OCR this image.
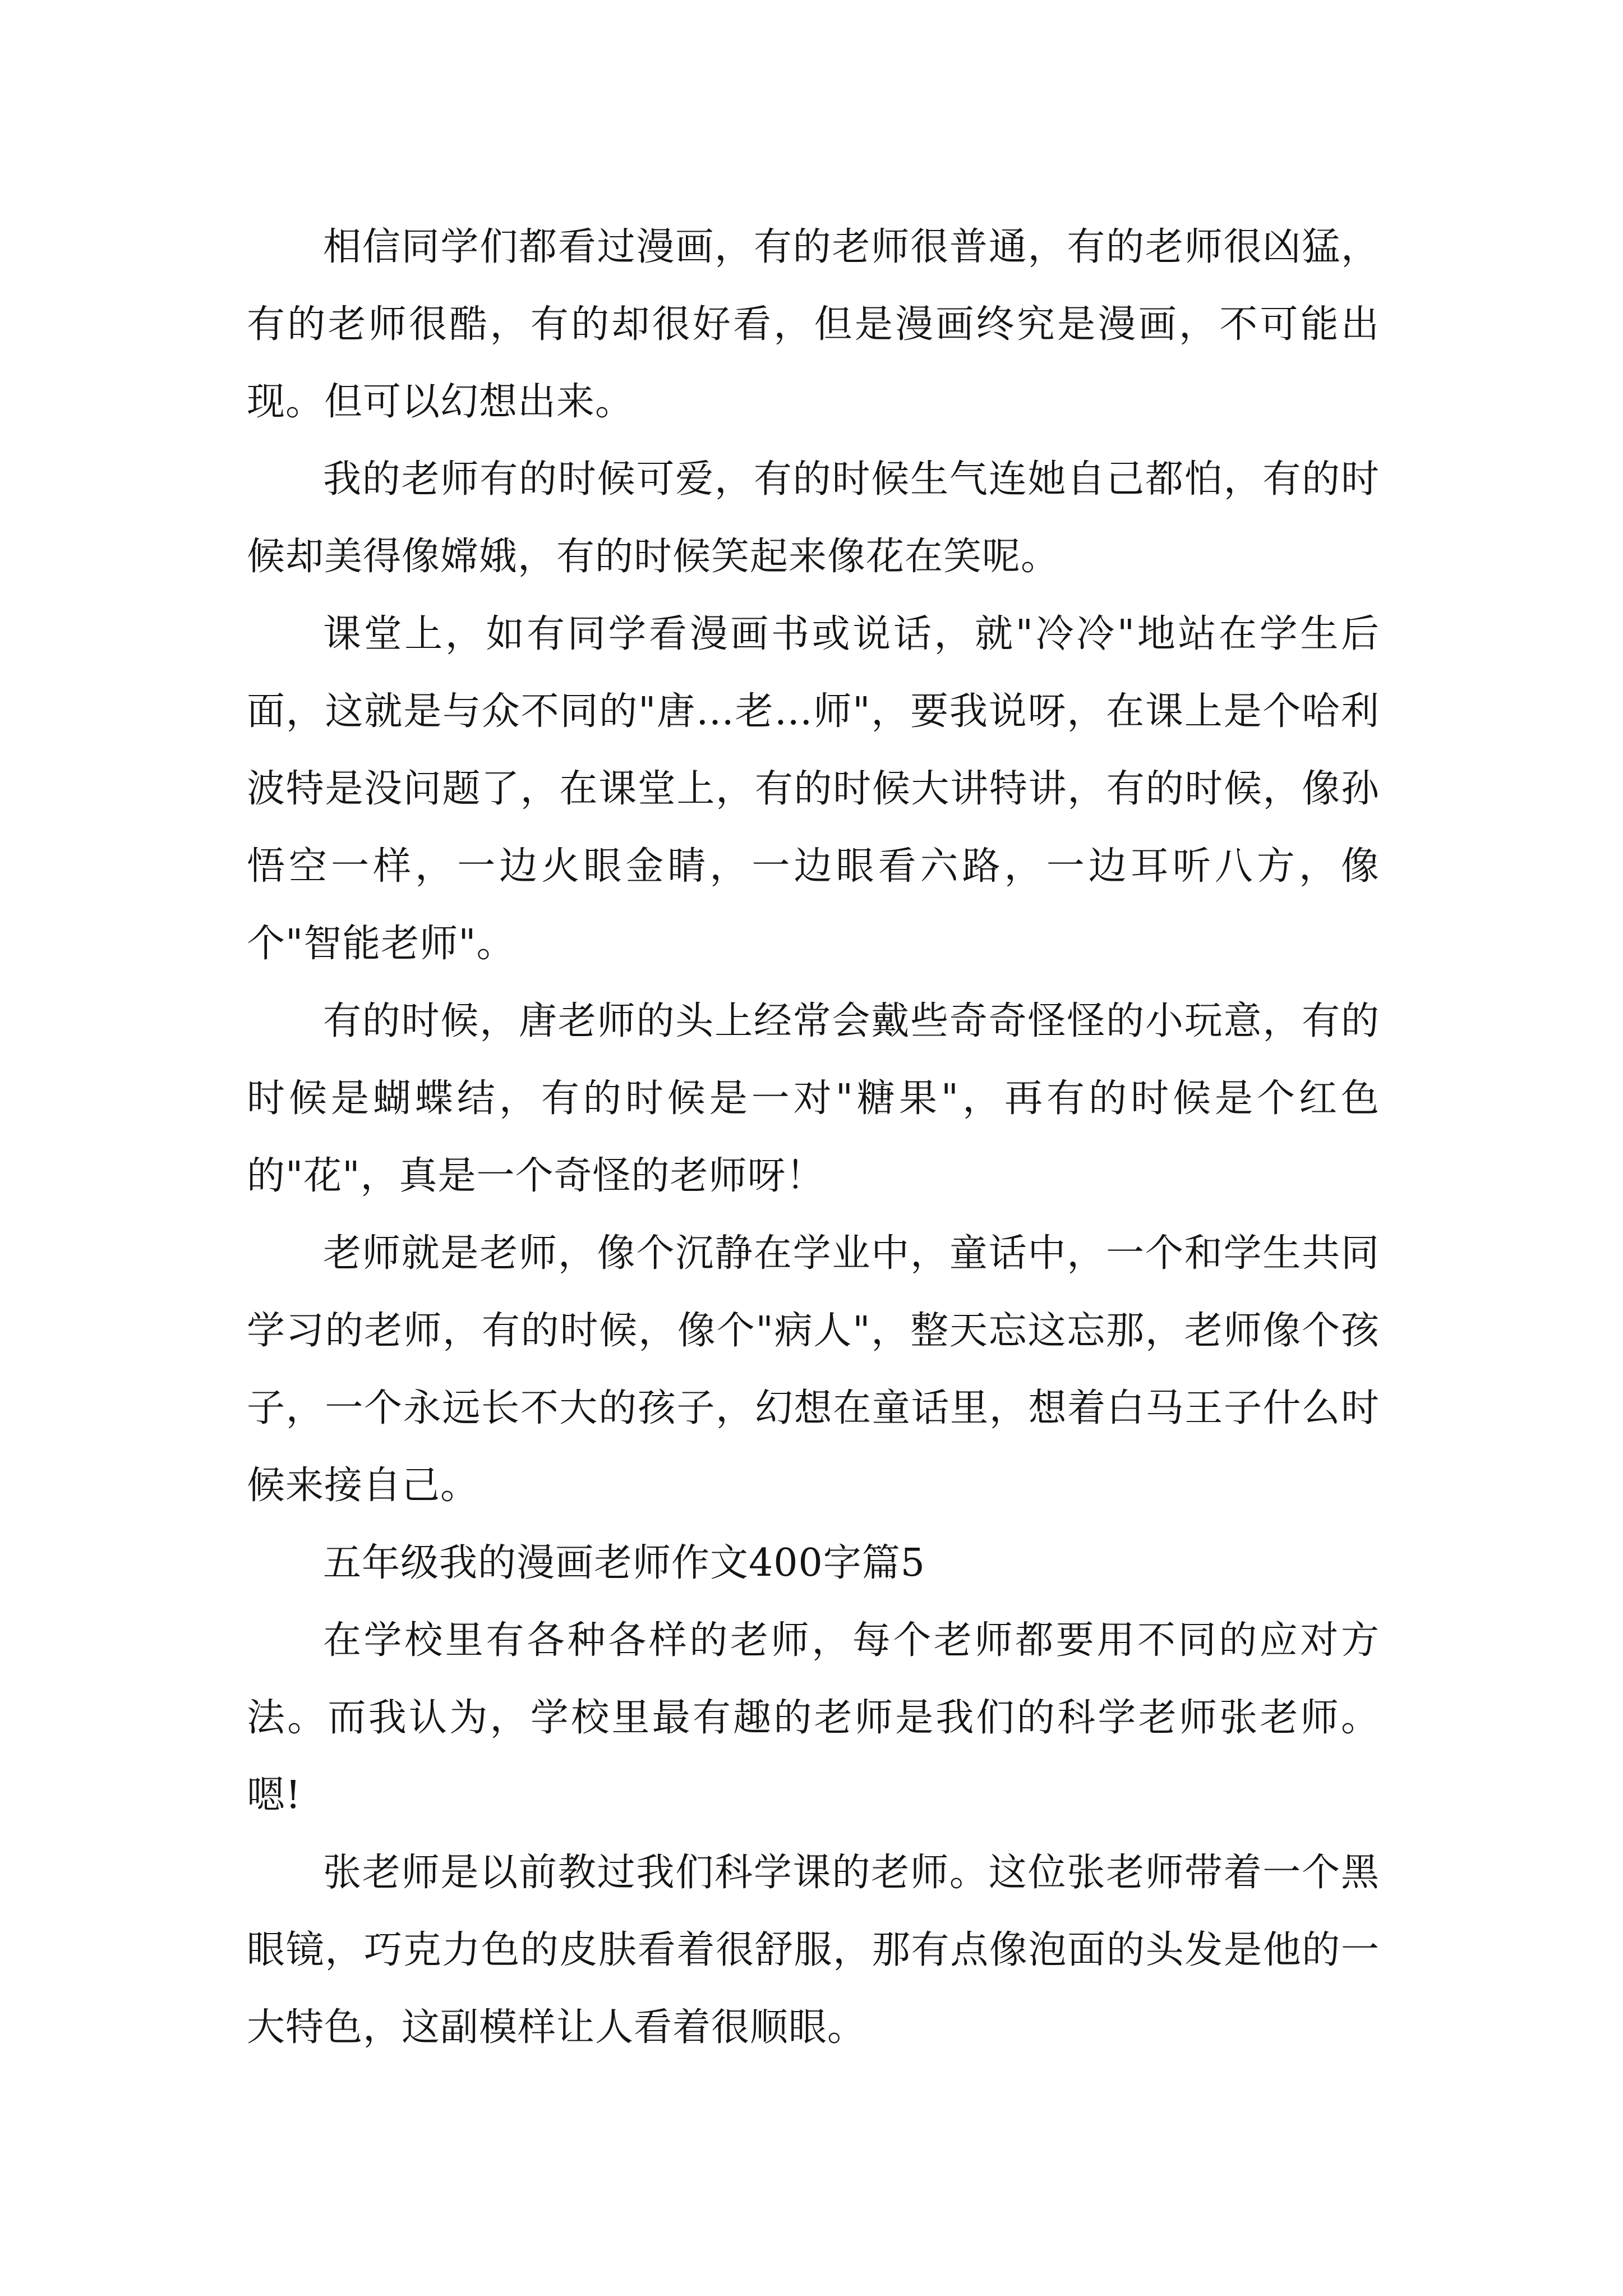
相信同学们都看过漫画，有的老师很普通，有的老师很凶猛，有的老师很酷，有的却很好看，但是漫画终究是漫画，不可能出现。但可以幻想出来。

我的老师有的时候可爱，有的时候生气连她自己都怕，有的时候却美得像嫦娥，有的时候笑起来像花在笑呢。

课堂上，如有同学看漫画书或说话，就"冷冷"地站在学生后面，这就是与众不同的"唐…老…师"，要我说呀，在课上是个哈利波特是没问题了，在课堂上，有的时候大讲特讲，有的时候，像孙悟空一样，一边火眼金睛，一边眼看六路，一边耳听八方，像个"智能老师"。

有的时候，唐老师的头上经常会戴些奇奇怪怪的小玩意，有的时候是蝴蝶结，有的时候是一对"糖果"，再有的时候是个红色的"花"，真是一个奇怪的老师呀！

老师就是老师，像个沉静在学业中，童话中，一个和学生共同学习的老师，有的时候，像个"病人"，整天忘这忘那，老师像个孩子，一个永远长不大的孩子，幻想在童话里，想着白马王子什么时候来接自己。

五年级我的漫画老师作文400字篇5

在学校里有各种各样的老师，每个老师都要用不同的应对方法。而我认为，学校里最有趣的老师是我们的科学老师张老师。嗯!

张老师是以前教过我们科学课的老师。这位张老师带着一个黑眼镜，巧克力色的皮肤看着很舒服，那有点像泡面的头发是他的一大特色，这副模样让人看着很顺眼。
